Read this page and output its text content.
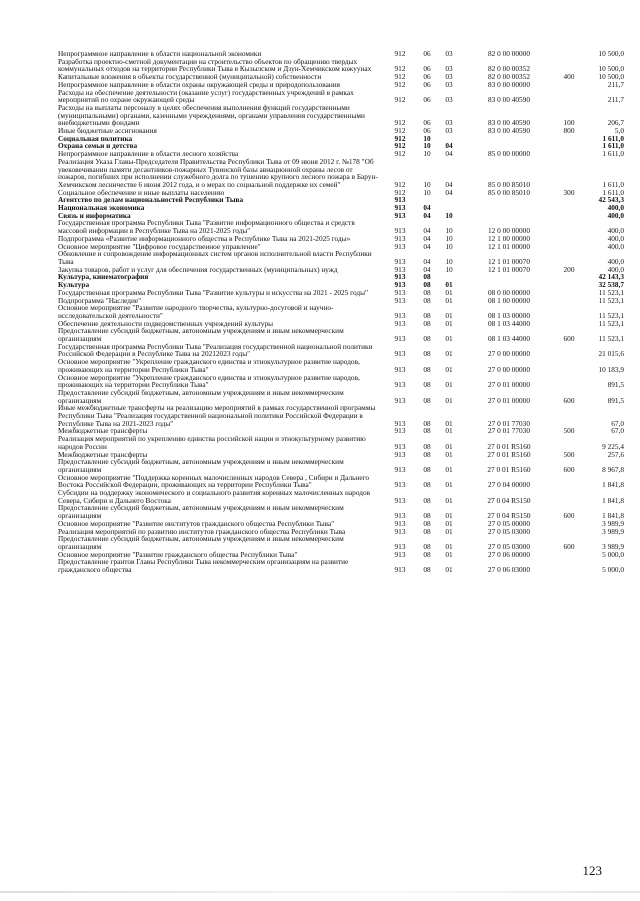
Непрограммное направление в области национальной экономики	912	06	03	82 0 00 00000		10 500,0
Разработка проектно-сметной документации на строительство объектов по обращению твердых коммунальных отходов на территории Республики Тыва в Кызылском и Дзун-Хемчикском кожуунах	912	06	03	82 0 00 00352		10 500,0
Капитальные вложения в объекты государственной (муниципальной) собственности	912	06	03	82 0 00 00352	400	10 500,0
Непрограммное направление в области охраны окружающей среды и природопользования	912	06	03	83 0 00 00000		211,7
Расходы на обеспечение деятельности (оказание услуг) государственных учреждений в рамках мероприятий по охране окружающей среды	912	06	03	83 0 00 40590		211,7
Расходы на выплаты персоналу в целях обеспечения выполнения функций государственными (муниципальными) органами, казенными учреждениями, органами управления государственными внебюджетными фондами	912	06	03	83 0 00 40590	100	206,7
Иные бюджетные ассигнования	912	06	03	83 0 00 40590	800	5,0
Социальная политика	912	10				1 611,0
Охрана семьи и детства	912	10	04			1 611,0
Непрограммное направление в области лесного хозяйства	912	10	04	85 0 00 00000		1 611,0
Реализация Указа Главы-Председателя Правительства Республики Тыва от 09 июня 2012 г. №178 "Об увековечивании памяти десантников-пожарных Тувинской базы авиационной охраны лесов от пожаров, погибших при исполнении служебного долга по тушению крупного лесного пожара в Барун-Хемчикском лесничестве 6 июня 2012 года, и о мерах по социальной поддержке их семей"	912	10	04	85 0 00 85010		1 611,0
Социальное обеспечение и иные выплаты населению	912	10	04	85 0 00 85010	300	1 611,0
Агентство по делам национальностей Республики Тыва	913					42 543,3
Национальная экономика	913	04				400,0
Связь и информатика	913	04	10			400,0
Государственная программа Республики Тыва "Развитие информационного общества и средств массовой информации в Республике Тыва на 2021-2025 годы"	913	04	10	12 0 00 00000		400,0
Подпрограмма «Развитие информационного общества в Республике Тыва на 2021-2025 годы»	913	04	10	12 1 00 00000		400,0
Основное мероприятие "Цифровое государственное управление"	913	04	10	12 1 01 00000		400,0
Обновление и сопровождение информационных систем органов исполнительной власти Республики Тыва	913	04	10	12 1 01 00070		400,0
Закупка товаров, работ и услуг для обеспечения государственных (муниципальных) нужд	913	04	10	12 1 01 00070	200	400,0
Культура, кинематография	913	08				42 143,3
Культура	913	08	01			32 538,7
Государственная программа Республики Тыва "Развитие культуры и искусства на 2021 - 2025 годы"	913	08	01	08 0 00 00000		11 523,1
Подпрограмма "Наследие"	913	08	01	08 1 00 00000		11 523,1
Основное мероприятие "Развитие народного творчества, культурно-досуговой и научно-исследовательской деятельности"	913	08	01	08 1 03 00000		11 523,1
Обеспечение деятельности подведомственных учреждений культуры	913	08	01	08 1 03 44000		11 523,1
Предоставление субсидий бюджетным, автономным учреждениям и иным некоммерческим организациям	913	08	01	08 1 03 44000	600	11 523,1
Государственная программа Республики Тыва "Реализация государственной национальной политики Российской Федерации в Республике Тыва на 20212023 годы"	913	08	01	27 0 00 00000		21 015,6
Основное мероприятие "Укрепление гражданского единства и этнокультурное развитие народов, проживающих на территории Республики Тыва"	913	08	01	27 0 00 00000		10 183,9
Основное мероприятие "Укрепление гражданского единства и этнокультурное развитие народов, проживающих на территории Республики Тыва"	913	08	01	27 0 01 00000		891,5
Предоставление субсидий бюджетным, автономным учреждениям и иным некоммерческим организациям	913	08	01	27 0 01 00000	600	891,5
Иные межбюджетные трансферты на реализацию мероприятий в рамках государственной программы Республики Тыва "Реализация государственной национальной политики Российской Федерации в Республике Тыва на 2021-2023 годы"	913	08	01	27 0 01 77030		67,0
Межбюджетные трансферты	913	08	01	27 0 01 77030	500	67,0
Реализация мероприятий по укреплению единства российской нации и этнокультурному развитию народов России	913	08	01	27 0 01 R5160		9 225,4
Межбюджетные трансферты	913	08	01	27 0 01 R5160	500	257,6
Предоставление субсидий бюджетным, автономным учреждениям и иным некоммерческим организациям	913	08	01	27 0 01 R5160	600	8 967,8
Основное мероприятие "Поддержка коренных малочисленных народов Севера , Сибири и Дальнего Востока Российской Федерации, проживающих на территории Республики Тыва"	913	08	01	27 0 04 00000		1 841,8
Субсидии на поддержку экономического и социального развития коренных малочисленных народов Севера, Сибири и Дальнего Востока	913	08	01	27 0 04 R5150		1 841,8
Предоставление субсидий бюджетным, автономным учреждениям и иным некоммерческим организациям	913	08	01	27 0 04 R5150	600	1 841,8
Основное мероприятие "Развитие институтов гражданского общества Республики Тыва"	913	08	01	27 0 05 00000		3 989,9
Реализация мероприятий по развитию институтов гражданского общества Республики Тыва	913	08	01	27 0 05 03000		3 989,9
Предоставление субсидий бюджетным, автономным учреждениям и иным некоммерческим организациям	913	08	01	27 0 05 03000	600	3 989,9
Основное мероприятие "Развитие гражданского общества Республики Тыва"	913	08	01	27 0 06 00000		5 000,0
Предоставление грантов Главы Республики Тыва некоммерческим организациям на развитие гражданского общества	913	08	01	27 0 06 03000		5 000,0
123
